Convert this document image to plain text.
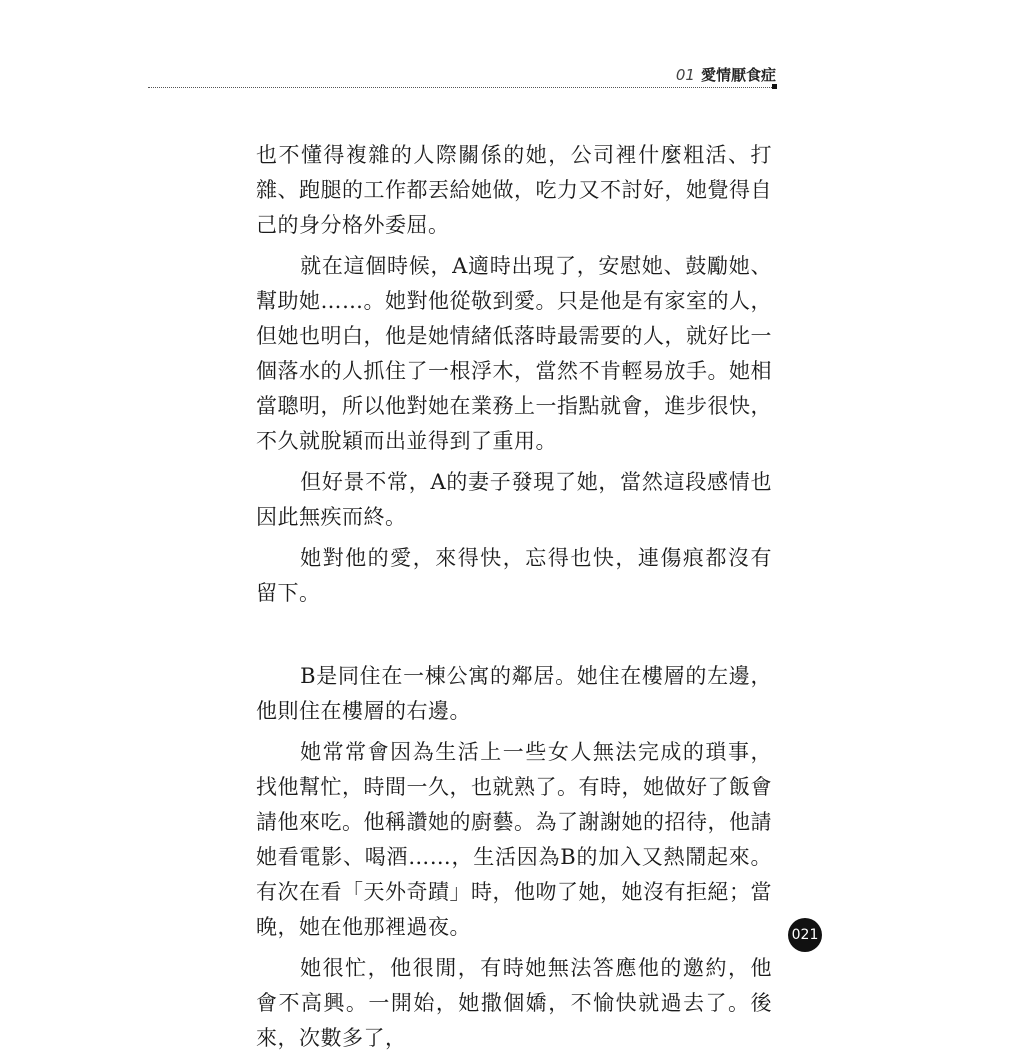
01 愛情厭食症

也不懂得複雜的人際關係的她，公司裡什麼粗活、打雜、跑腿的工作都丟給她做，吃力又不討好，她覺得自己的身分格外委屈。

就在這個時候，A適時出現了，安慰她、鼓勵她、幫助她……。她對他從敬到愛。只是他是有家室的人，但她也明白，他是她情緒低落時最需要的人，就好比一個落水的人抓住了一根浮木，當然不肯輕易放手。她相當聰明，所以他對她在業務上一指點就會，進步很快，不久就脫穎而出並得到了重用。

但好景不常，A的妻子發現了她，當然這段感情也因此無疾而終。

她對他的愛，來得快，忘得也快，連傷痕都沒有留下。

B是同住在一棟公寓的鄰居。她住在樓層的左邊，他則住在樓層的右邊。

她常常會因為生活上一些女人無法完成的瑣事，找他幫忙，時間一久，也就熟了。有時，她做好了飯會請他來吃。他稱讚她的廚藝。為了謝謝她的招待，他請她看電影、喝酒……，生活因為B的加入又熱鬧起來。有次在看「天外奇蹟」時，他吻了她，她沒有拒絕；當晚，她在他那裡過夜。

她很忙，他很閒，有時她無法答應他的邀約，他會不高興。一開始，她撒個嬌，不愉快就過去了。後來，次數多了，

021
